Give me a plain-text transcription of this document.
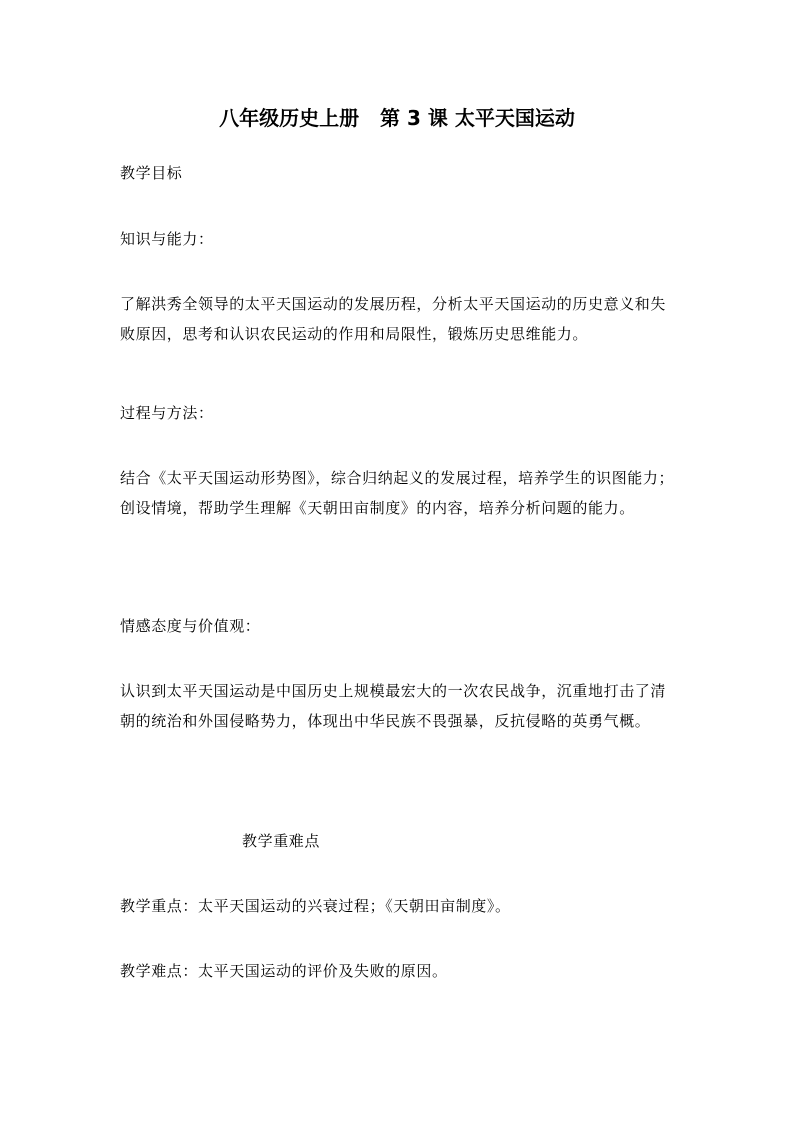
八年级历史上册   第 3 课 太平天国运动
教学目标
知识与能力：
了解洪秀全领导的太平天国运动的发展历程，分析太平天国运动的历史意义和失败原因，思考和认识农民运动的作用和局限性，锻炼历史思维能力。
过程与方法：
结合《太平天国运动形势图》，综合归纳起义的发展过程，培养学生的识图能力；创设情境，帮助学生理解《天朝田亩制度》的内容，培养分析问题的能力。
情感态度与价值观：
认识到太平天国运动是中国历史上规模最宏大的一次农民战争，沉重地打击了清朝的统治和外国侵略势力，体现出中华民族不畏强暴，反抗侵略的英勇气概。
教学重难点
教学重点：太平天国运动的兴衰过程；《天朝田亩制度》。
教学难点：太平天国运动的评价及失败的原因。
